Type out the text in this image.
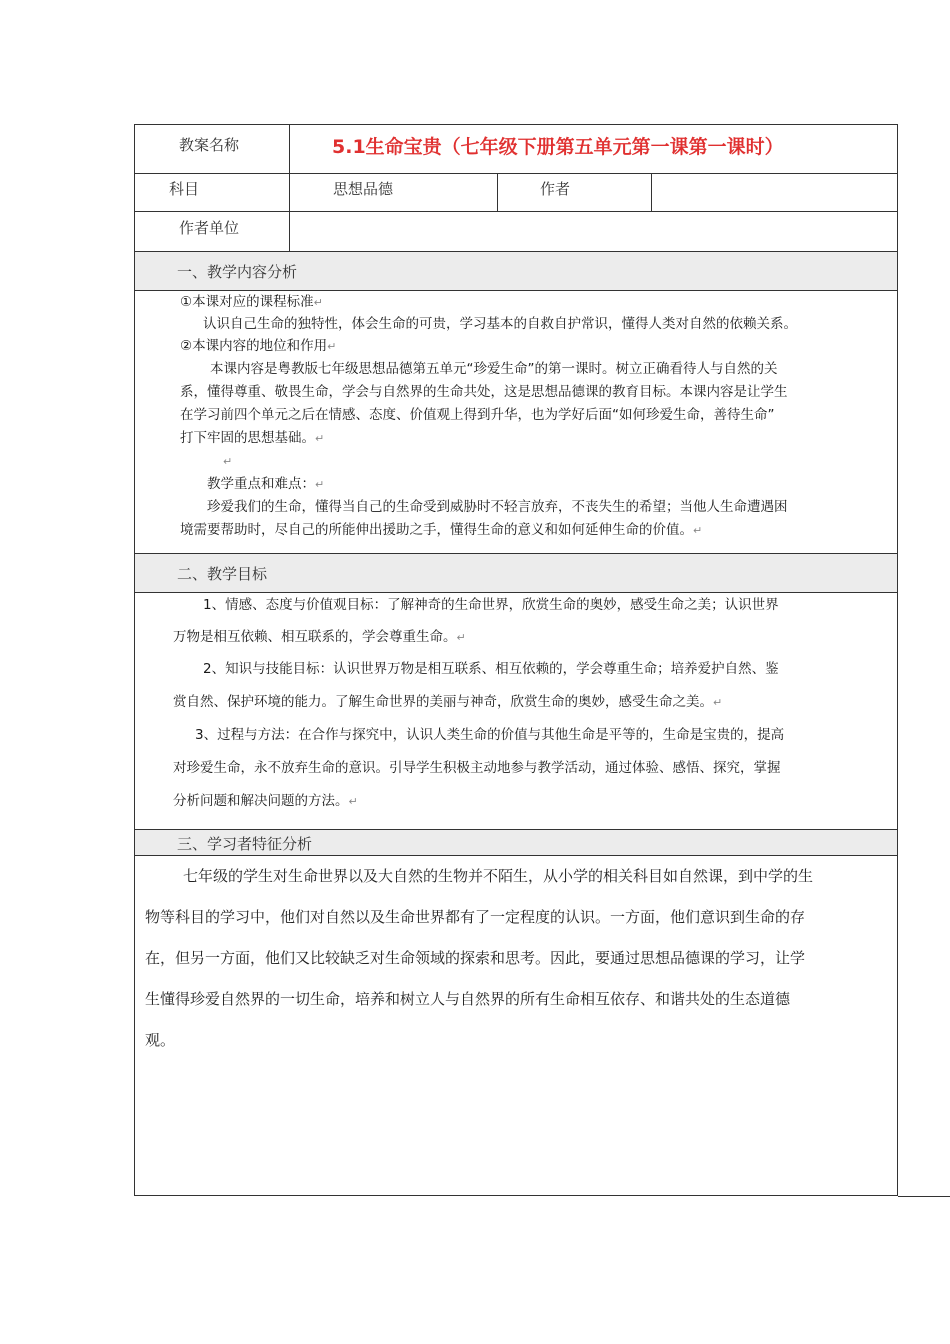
教案名称	5.1生命宝贵（七年级下册第五单元第一课第一课时）
科目	思想品德	作者
作者单位
一、教学内容分析
①本课对应的课程标准↵
认识自己生命的独特性，体会生命的可贵，学习基本的自救自护常识，懂得人类对自然的依赖关系。
②本课内容的地位和作用↵
本课内容是粤教版七年级思想品德第五单元“珍爱生命”的第一课时。树立正确看待人与自然的关
系，懂得尊重、敬畏生命，学会与自然界的生命共处，这是思想品德课的教育目标。本课内容是让学生
在学习前四个单元之后在情感、态度、价值观上得到升华，也为学好后面“如何珍爱生命，善待生命”
打下牢固的思想基础。↵
↵
教学重点和难点：↵
珍爱我们的生命，懂得当自己的生命受到威胁时不轻言放弃，不丧失生的希望；当他人生命遭遇困
境需要帮助时，尽自己的所能伸出援助之手，懂得生命的意义和如何延伸生命的价值。↵
二、教学目标
1、情感、态度与价值观目标：了解神奇的生命世界，欣赏生命的奥妙，感受生命之美；认识世界
万物是相互依赖、相互联系的，学会尊重生命。↵
2、知识与技能目标：认识世界万物是相互联系、相互依赖的，学会尊重生命；培养爱护自然、鉴
赏自然、保护环境的能力。了解生命世界的美丽与神奇，欣赏生命的奥妙，感受生命之美。↵
3、过程与方法：在合作与探究中，认识人类生命的价值与其他生命是平等的，生命是宝贵的，提高
对珍爱生命，永不放弃生命的意识。引导学生积极主动地参与教学活动，通过体验、感悟、探究，掌握
分析问题和解决问题的方法。↵
三、学习者特征分析
七年级的学生对生命世界以及大自然的生物并不陌生，从小学的相关科目如自然课，到中学的生
物等科目的学习中，他们对自然以及生命世界都有了一定程度的认识。一方面，他们意识到生命的存
在，但另一方面，他们又比较缺乏对生命领域的探索和思考。因此，要通过思想品德课的学习，让学
生懂得珍爱自然界的一切生命，培养和树立人与自然界的所有生命相互依存、和谐共处的生态道德
观。
